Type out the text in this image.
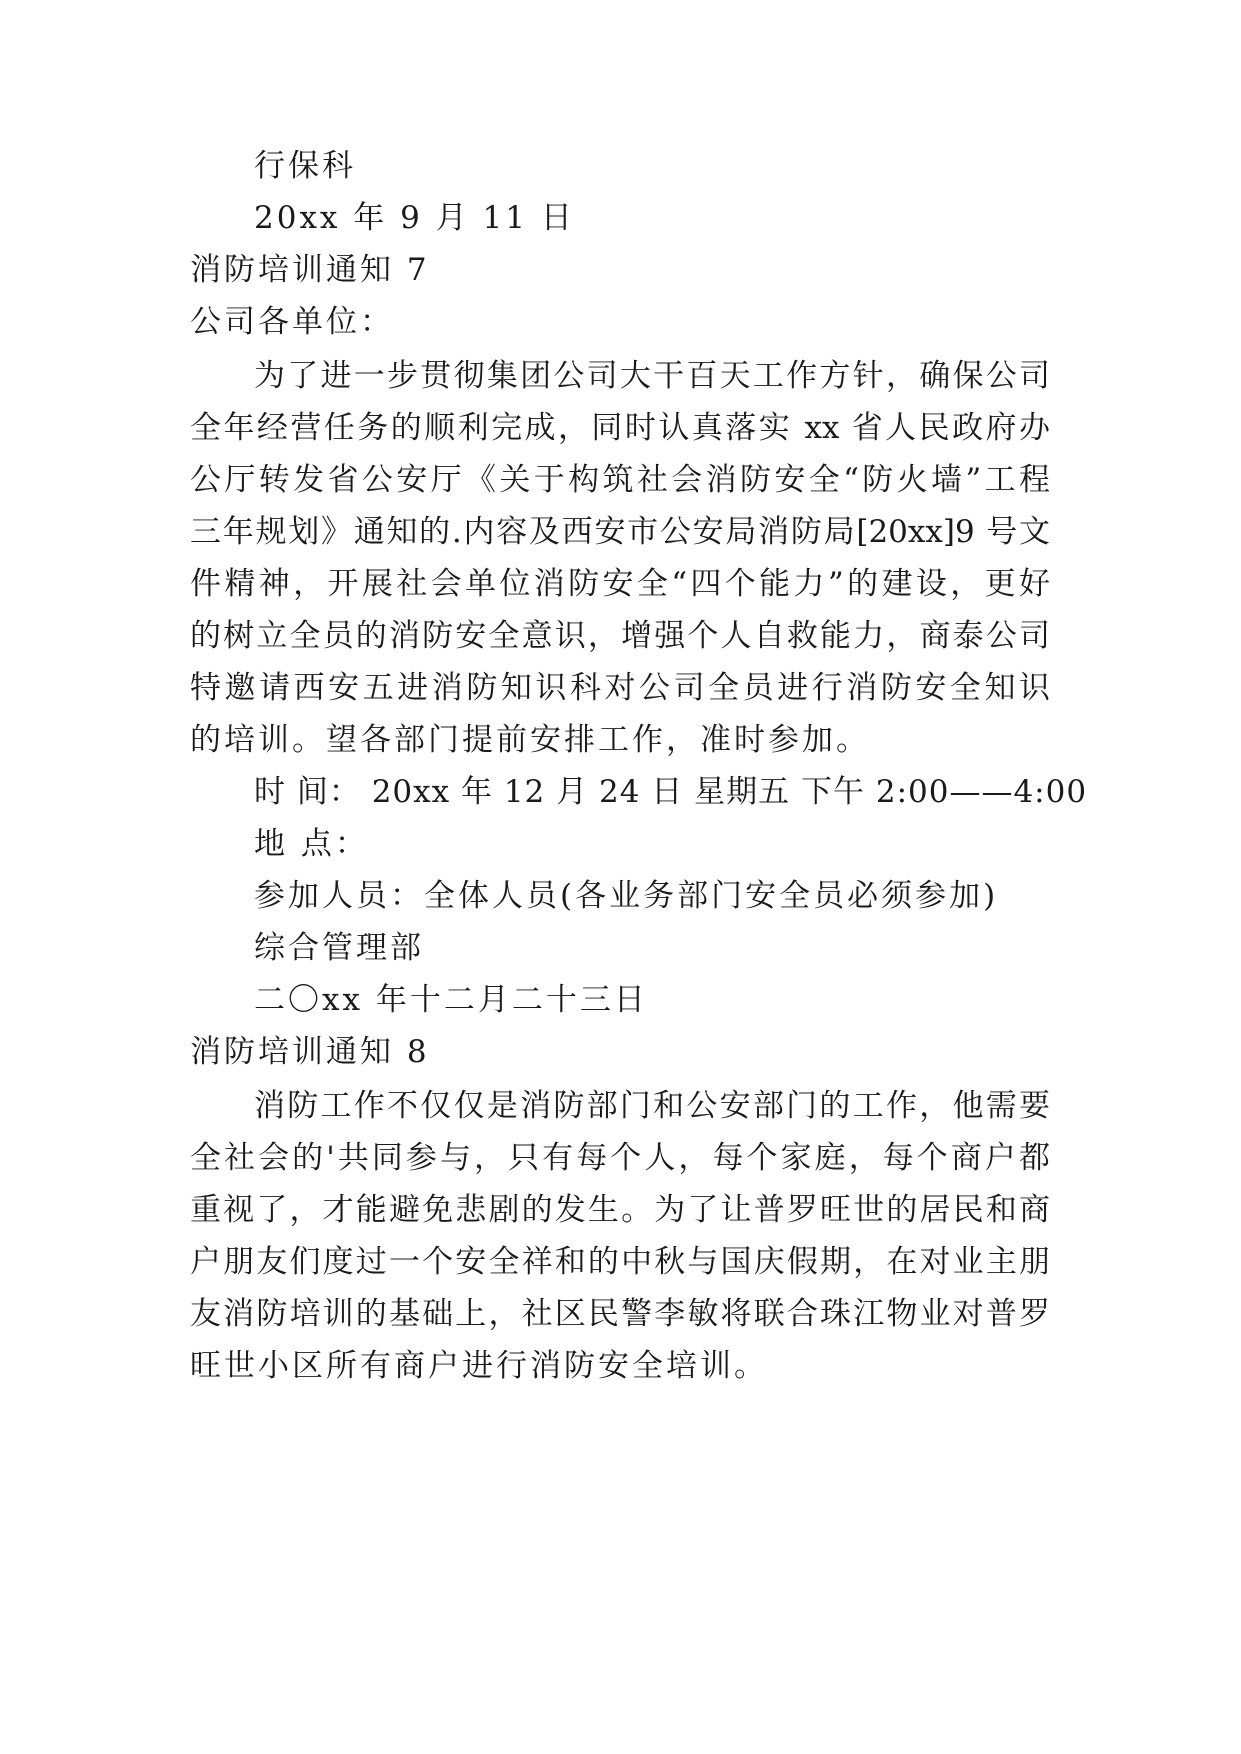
行保科
20xx 年 9 月 11 日
消防培训通知 7
公司各单位：
为了进一步贯彻集团公司大干百天工作方针，确保公司
全年经营任务的顺利完成，同时认真落实 xx 省人民政府办
公厅转发省公安厅《关于构筑社会消防安全“防火墙”工程
三年规划》通知的.内容及西安市公安局消防局[20xx]9 号文
件精神，开展社会单位消防安全“四个能力”的建设，更好
的树立全员的消防安全意识，增强个人自救能力，商泰公司
特邀请西安五进消防知识科对公司全员进行消防安全知识
的培训。望各部门提前安排工作，准时参加。
时 间： 20xx 年 12 月 24 日 星期五 下午 2:00——4:00
地 点：
参加人员：全体人员(各业务部门安全员必须参加)
综合管理部
二〇xx 年十二月二十三日
消防培训通知 8
消防工作不仅仅是消防部门和公安部门的工作，他需要
全社会的'共同参与，只有每个人，每个家庭，每个商户都
重视了，才能避免悲剧的发生。为了让普罗旺世的居民和商
户朋友们度过一个安全祥和的中秋与国庆假期，在对业主朋
友消防培训的基础上，社区民警李敏将联合珠江物业对普罗
旺世小区所有商户进行消防安全培训。
